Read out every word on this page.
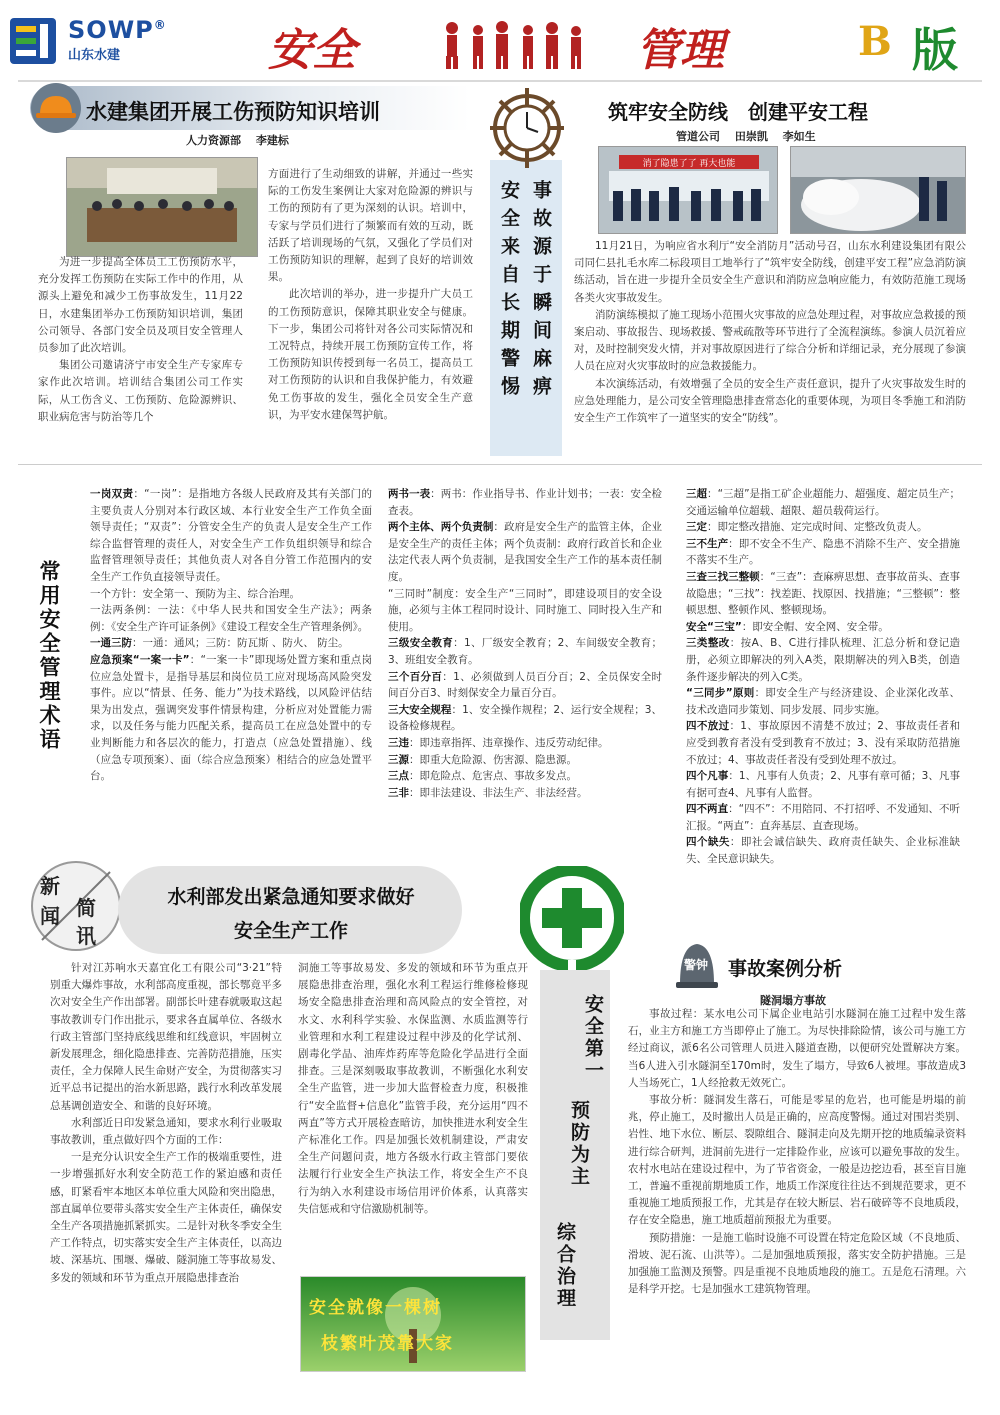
SOWP®
山东水建	安全	管理	B 版
水建集团开展工伤预防知识培训
人力资源部　 李建标

为进一步提高全体员工工伤预防水平，充分发挥工伤预防在实际工作中的作用，从源头上避免和减少工伤事故发生，11月22日，水建集团举办工伤预防知识培训，集团公司领导、各部门安全员及项目安全管理人员参加了此次培训。

集团公司邀请济宁市安全生产专家库专家作此次培训。培训结合集团公司工作实际，从工伤含义、工伤预防、危险源辨识、职业病危害与防治等几个

方面进行了生动细致的讲解，并通过一些实际的工伤发生案例让大家对危险源的辨识与工伤的预防有了更为深刻的认识。培训中，专家与学员们进行了频繁而有效的互动，既活跃了培训现场的气氛，又强化了学员们对工伤预防知识的理解，起到了良好的培训效果。

此次培训的举办，进一步提升广大员工的工伤预防意识，保障其职业安全与健康。下一步，集团公司将针对各公司实际情况和工况特点，持续开展工伤预防宣传工作，将工伤预防知识传授到每一名员工，提高员工对工伤预防的认识和自我保护能力，有效避免工伤事故的发生，强化全员安全生产意识，为平安水建保驾护航。

事故源于瞬间麻痹
安全来自长期警惕
筑牢安全防线　创建平安工程
管道公司　 田崇凯　 李如生
消了隐患了了 再大也能

11月21日，为响应省水利厅“安全消防月”活动号召，山东水利建设集团有限公司同仁县扎毛水库二标段项目工地举行了“筑牢安全防线，创建平安工程”应急消防演练活动，旨在进一步提升全员安全生产意识和消防应急响应能力，有效防范施工现场各类火灾事故发生。

消防演练模拟了施工现场小范围火灾事故的应急处理过程，对事故应急救援的预案启动、事故报告、现场救援、警戒疏散等环节进行了全流程演练。参演人员沉着应对，及时控制突发火情，并对事故原因进行了综合分析和详细记录，充分展现了参演人员在应对火灾事故时的应急救援能力。

本次演练活动，有效增强了全员的安全生产责任意识，提升了火灾事故发生时的应急处理能力，是公司安全管理隐患排查常态化的重要体现，为项目冬季施工和消防安全生产工作筑牢了一道坚实的安全“防线”。

常用安全管理术语
一岗双责：“一岗”：是指地方各级人民政府及其有关部门的主要负责人分别对本行政区域、本行业安全生产工作负全面领导责任；“双责”：分管安全生产的负责人是安全生产工作综合监督管理的责任人，对安全生产工作负组织领导和综合监督管理领导责任；其他负责人对各自分管工作范围内的安全生产工作负直接领导责任。
一个方针：安全第一、预防为主、综合治理。
一法两条例：一法：《中华人民共和国安全生产法》；两条例：《安全生产许可证条例》《建设工程安全生产管理条例》。
一通三防：一通：通风；三防：防瓦斯 、防火、 防尘。
应急预案“一案一卡”：“一案一卡”即现场处置方案和重点岗位应急处置卡，是指导基层和岗位员工应对现场高风险突发事件。应以“情景、任务、能力”为技术路线，以风险评估结果为出发点，强调突发事件情景构建，分析应对处置能力需求，以及任务与能力匹配关系，提高员工在应急处置中的专业判断能力和各层次的能力，打造点（应急处置措施）、线（应急专项预案）、面（综合应急预案）相结合的应急处置平台。
两书一表：两书：作业指导书、作业计划书；一表：安全检查表。
两个主体、两个负责制：政府是安全生产的监管主体，企业是安全生产的责任主体；两个负责制：政府行政首长和企业法定代表人两个负责制，是我国安全生产工作的基本责任制度。
“三同时”制度：安全生产“三同时”，即建设项目的安全设施，必须与主体工程同时设计、同时施工、同时投入生产和使用。
三级安全教育：1、厂级安全教育；2、车间级安全教育；3、班组安全教育。
三个百分百：1、必须做到人员百分百；2、全员保安全时间百分百3、时刻保安全力量百分百。
三大安全规程：1、安全操作规程；2、运行安全规程；3、设备检修规程。
三违：即违章指挥、违章操作、违反劳动纪律。
三源：即重大危险源、伤害源、隐患源。
三点：即危险点、危害点、事故多发点。
三非：即非法建设、非法生产、非法经营。
三超：“三超”是指工矿企业超能力、超强度、超定员生产；交通运输单位超载、超限、超员载荷运行。
三定：即定整改措施、定完成时间、定整改负责人。
三不生产：即不安全不生产、隐患不消除不生产、安全措施不落实不生产。
三查三找三整顿：“三查”：查麻痹思想、查事故苗头、查事故隐患；“三找”：找差距、找原因、找措施；“三整顿”：整顿思想、整顿作风、整顿现场。
安全“三宝”：即安全帽、安全网、安全带。
三类整改：按A、B、C进行排队梳理、汇总分析和登记造册，必须立即解决的列入A类，限期解决的列入B类，创造条件逐步解决的列入C类。
“三同步”原则：即安全生产与经济建设、企业深化改革、技术改造同步策划、同步发展、同步实施。
四不放过：1、事故原因不清楚不放过；2、事故责任者和应受到教育者没有受到教育不放过；3、没有采取防范措施不放过；4、事故责任者没有受到处理不放过。
四个凡事：1、凡事有人负责；2、凡事有章可循；3、凡事有据可查4、凡事有人监督。
四不两直：“四不”：不用陪同、不打招呼、不发通知、不听汇报。“两直”：直奔基层、直查现场。
四个缺失：即社会诚信缺失、政府责任缺失、企业标准缺失、全民意识缺失。
新
闻 简
讯
水利部发出紧急通知要求做好
安全生产工作

针对江苏响水天嘉宜化工有限公司“3·21”特别重大爆炸事故，水利部高度重视，部长鄂竟平多次对安全生产作出部署。副部长叶建春就吸取这起事故教训专门作出批示，要求各直属单位、各级水行政主管部门坚持底线思维和红线意识，牢固树立新发展理念，细化隐患排查、完善防范措施，压实责任，全力保障人民生命财产安全，为贯彻落实习近平总书记提出的治水新思路，践行水利改革发展总基调创造安全、和谐的良好环境。

水利部近日印发紧急通知，要求水利行业吸取事故教训，重点做好四个方面的工作：

一是充分认识安全生产工作的极端重要性，进一步增强抓好水利安全防范工作的紧迫感和责任感，盯紧看牢本地区本单位重大风险和突出隐患，部直属单位要带头落实安全生产主体责任，确保安全生产各项措施抓紧抓实。二是针对秋冬季安全生产工作特点，切实落实安全生产主体责任，以高边坡、深基坑、围堰、爆破、隧洞施工等事故易发、多发的领域和环节为重点开展隐患排查治

洞施工等事故易发、多发的领域和环节为重点开展隐患排查治理，强化水利工程运行维修检修现场安全隐患排查治理和高风险点的安全管控，对水文、水利科学实验、水保监测、水质监测等行业管理和水利工程建设过程中涉及的化学试剂、剧毒化学品、油库炸药库等危险化学品进行全面排查。三是深刻吸取事故教训，不断强化水利安全生产监管，进一步加大监督检查力度，积极推行“安全监督+信息化”监管手段，充分运用“四不两直”等方式开展检查暗访，加快推进水利安全生产标准化工作。四是加强长效机制建设，严肃安全生产问题问责，地方各级水行政主管部门要依法履行行业安全生产执法工作，将安全生产不良行为纳入水利建设市场信用评价体系，认真落实失信惩戒和守信激励机制等。

安全就像一棵树
枝繁叶茂靠大家
安全第一
预防为主
综合治理
警钟 事故案例分析
隧洞塌方事故

事故过程：某水电公司下属企业电站引水隧洞在施工过程中发生落石，业主方和施工方当即停止了施工。为尽快排除险情，该公司与施工方经过商议，派6名公司管理人员进入隧道查勘，以便研究处置解决方案。当6人进入引水隧洞至170m时，发生了塌方，导致6人被埋。事故造成3人当场死亡，1人经抢救无效死亡。

事故分析：隧洞发生落石，可能是零星的危岩，也可能是坍塌的前兆，停止施工，及时撤出人员是正确的，应高度警惕。通过对围岩类别、岩性、地下水位、断层、裂隙组合、隧洞走向及先期开挖的地质编录资料进行综合研判，进洞前先进行一定排险作业，应该可以避免事故的发生。农村水电站在建设过程中，为了节省资金，一般是边挖边看，甚至盲目施工，普遍不重视前期地质工作，地质工作深度往往达不到规范要求，更不重视施工地质预报工作，尤其是存在较大断层、岩石破碎等不良地质段，存在安全隐患，施工地质超前预报尤为重要。

预防措施：一是施工临时设施不可设置在特定危险区域（不良地质、滑坡、泥石流、山洪等）。二是加强地质预报，落实安全防护措施。三是加强施工监测及预警。四是重视不良地质地段的施工。五是危石清理。六是科学开挖。七是加强水工建筑物管理。
